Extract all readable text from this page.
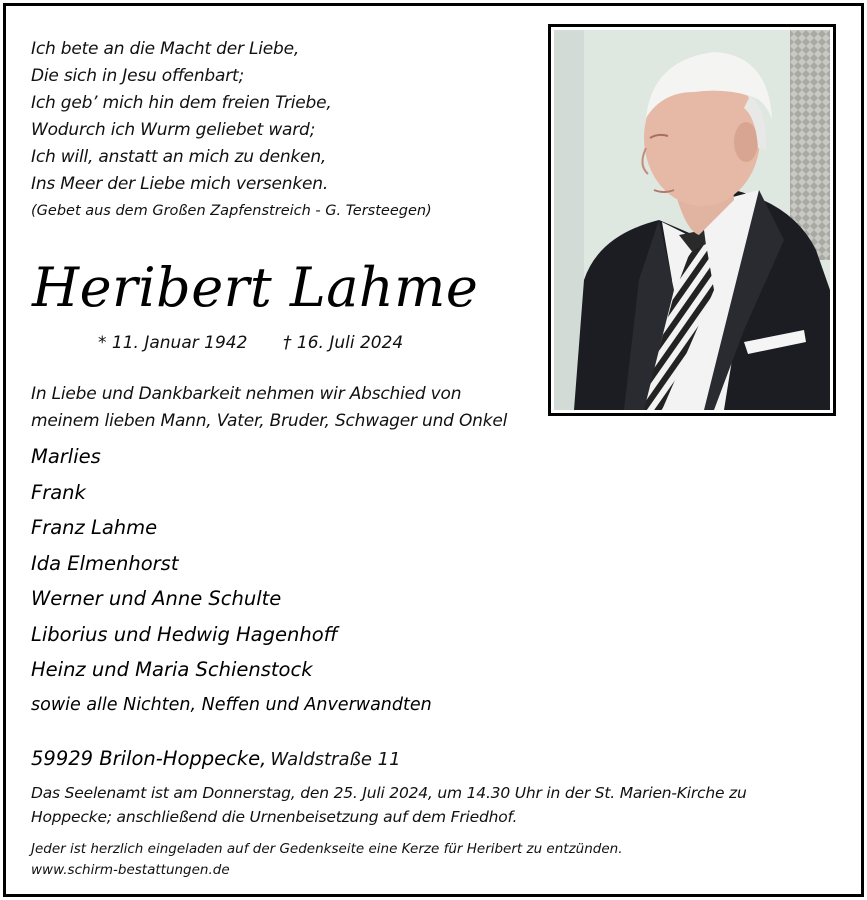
Ich bete an die Macht der Liebe,
Die sich in Jesu offenbart;
Ich geb’ mich hin dem freien Triebe,
Wodurch ich Wurm geliebet ward;
Ich will, anstatt an mich zu denken,
Ins Meer der Liebe mich versenken.
(Gebet aus dem Großen Zapfenstreich - G. Tersteegen)
Heribert Lahme
* 11. Januar 1942 † 16. Juli 2024
In Liebe und Dankbarkeit nehmen wir Abschied von
meinem lieben Mann, Vater, Bruder, Schwager und Onkel
Marlies
Frank
Franz Lahme
Ida Elmenhorst
Werner und Anne Schulte
Liborius und Hedwig Hagenhoff
Heinz und Maria Schienstock
sowie alle Nichten, Neffen und Anverwandten
59929 Brilon-Hoppecke, Waldstraße 11
Das Seelenamt ist am Donnerstag, den 25. Juli 2024, um 14.30 Uhr in der St. Marien-Kirche zu
Hoppecke; anschließend die Urnenbeisetzung auf dem Friedhof.
Jeder ist herzlich eingeladen auf der Gedenkseite eine Kerze für Heribert zu entzünden.
www.schirm-bestattungen.de
